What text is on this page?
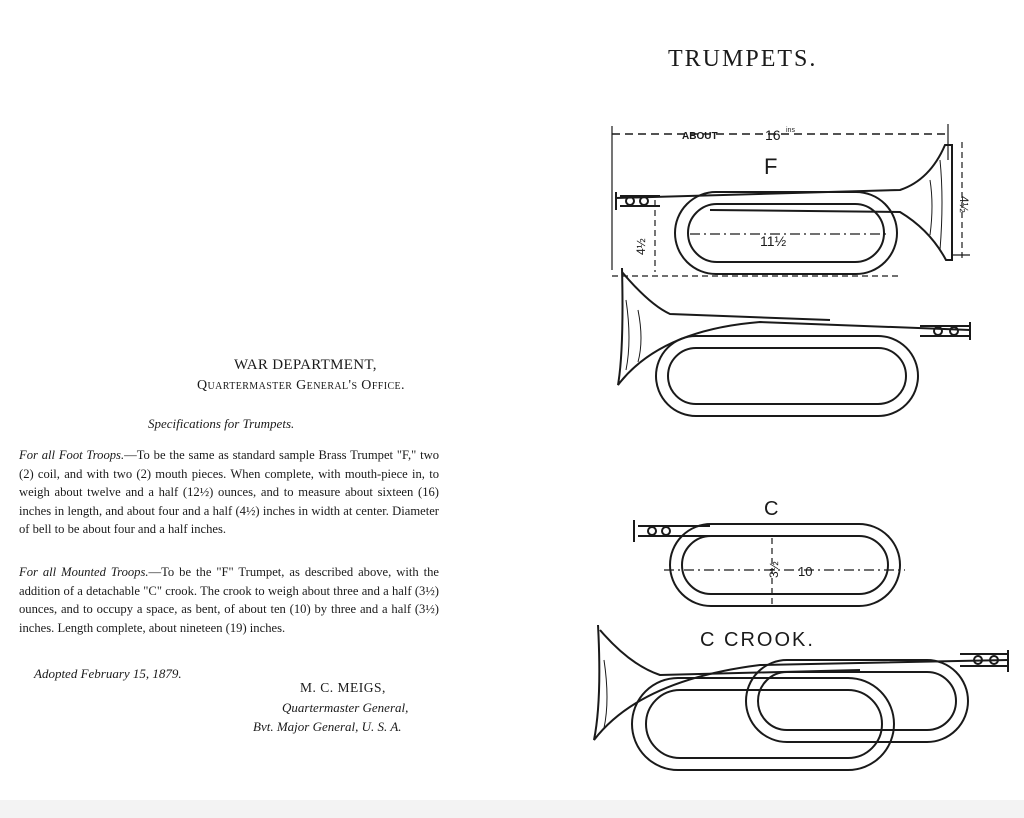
WAR DEPARTMENT,
Quartermaster General's Office.
Specifications for Trumpets.
For all Foot Troops.—To be the same as standard sample Brass Trumpet "F," two (2) coil, and with two (2) mouth pieces. When complete, with mouth-piece in, to weigh about twelve and a half (12½) ounces, and to measure about sixteen (16) inches in length, and about four and a half (4½) inches in width at center. Diameter of bell to be about four and a half inches.
For all Mounted Troops.—To be the "F" Trumpet, as described above, with the addition of a detachable "C" crook. The crook to weigh about three and a half (3½) ounces, and to occupy a space, as bent, of about ten (10) by three and a half (3½) inches. Length complete, about nineteen (19) inches.
Adopted February 15, 1879.
M. C. MEIGS,
Quartermaster General,
Bvt. Major General, U. S. A.
TRUMPETS.
ABOUT	16 ins
F
11½
4½
4½
C
3½ 10
C CROOK.
